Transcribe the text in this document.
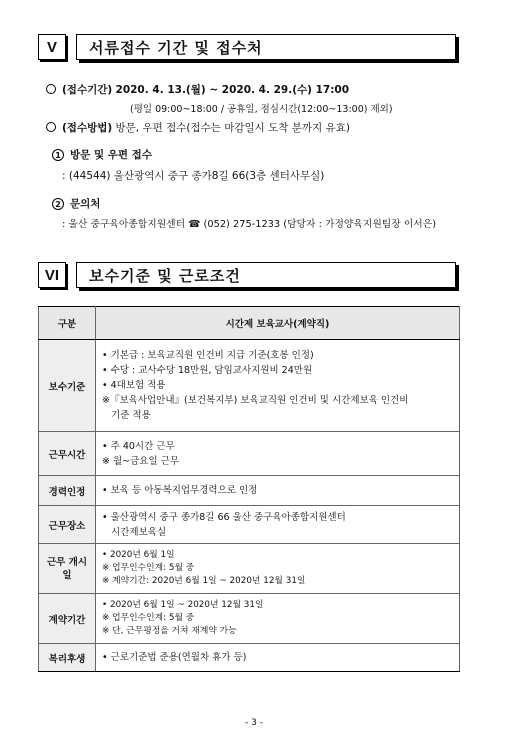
V	서류접수 기간 및 접수처
(접수기간) 2020. 4. 13.(월) ~ 2020. 4. 29.(수) 17:00
(평일 09:00~18:00 / 공휴일, 점심시간(12:00~13:00) 제외)
(접수방법) 방문, 우편 접수(접수는 마감일시 도착 분까지 유효)
1 방문 및 우편 접수
: (44544) 울산광역시 중구 종가8길 66(3층 센터사무실)
2 문의처
: 울산 중구육아종합지원센터 ☎ (052) 275-1233 (담당자 : 가정양육지원팀장 이서은)
VI	보수기준 및 근로조건
구분	시간제 보육교사(계약직)
보수기준	• 기본급 : 보육교직원 인건비 지급 기준(호봉 인정)
• 수당 : 교사수당 18만원, 담임교사지원비 24만원
• 4대보험 적용
※『보육사업안내』(보건복지부) 보육교직원 인건비 및 시간제보육 인건비
기준 적용

근무시간	• 주 40시간 근무
※ 월~금요일 근무

경력인정	• 보육 등 아동복지업무경력으로 인정

근무장소	• 울산광역시 중구 종가8길 66 울산 중구육아종합지원센터
시간제보육실

근무 개시일	• 2020년 6월 1일
※ 업무인수인계: 5월 중
※ 계약기간: 2020년 6월 1일 ~ 2020년 12월 31일

계약기간	• 2020년 6월 1일 ~ 2020년 12월 31일
※ 업무인수인계: 5월 중
※ 단, 근무평정을 거쳐 재계약 가능

복리후생	• 근로기준법 준용(연월차 휴가 등)
- 3 -
